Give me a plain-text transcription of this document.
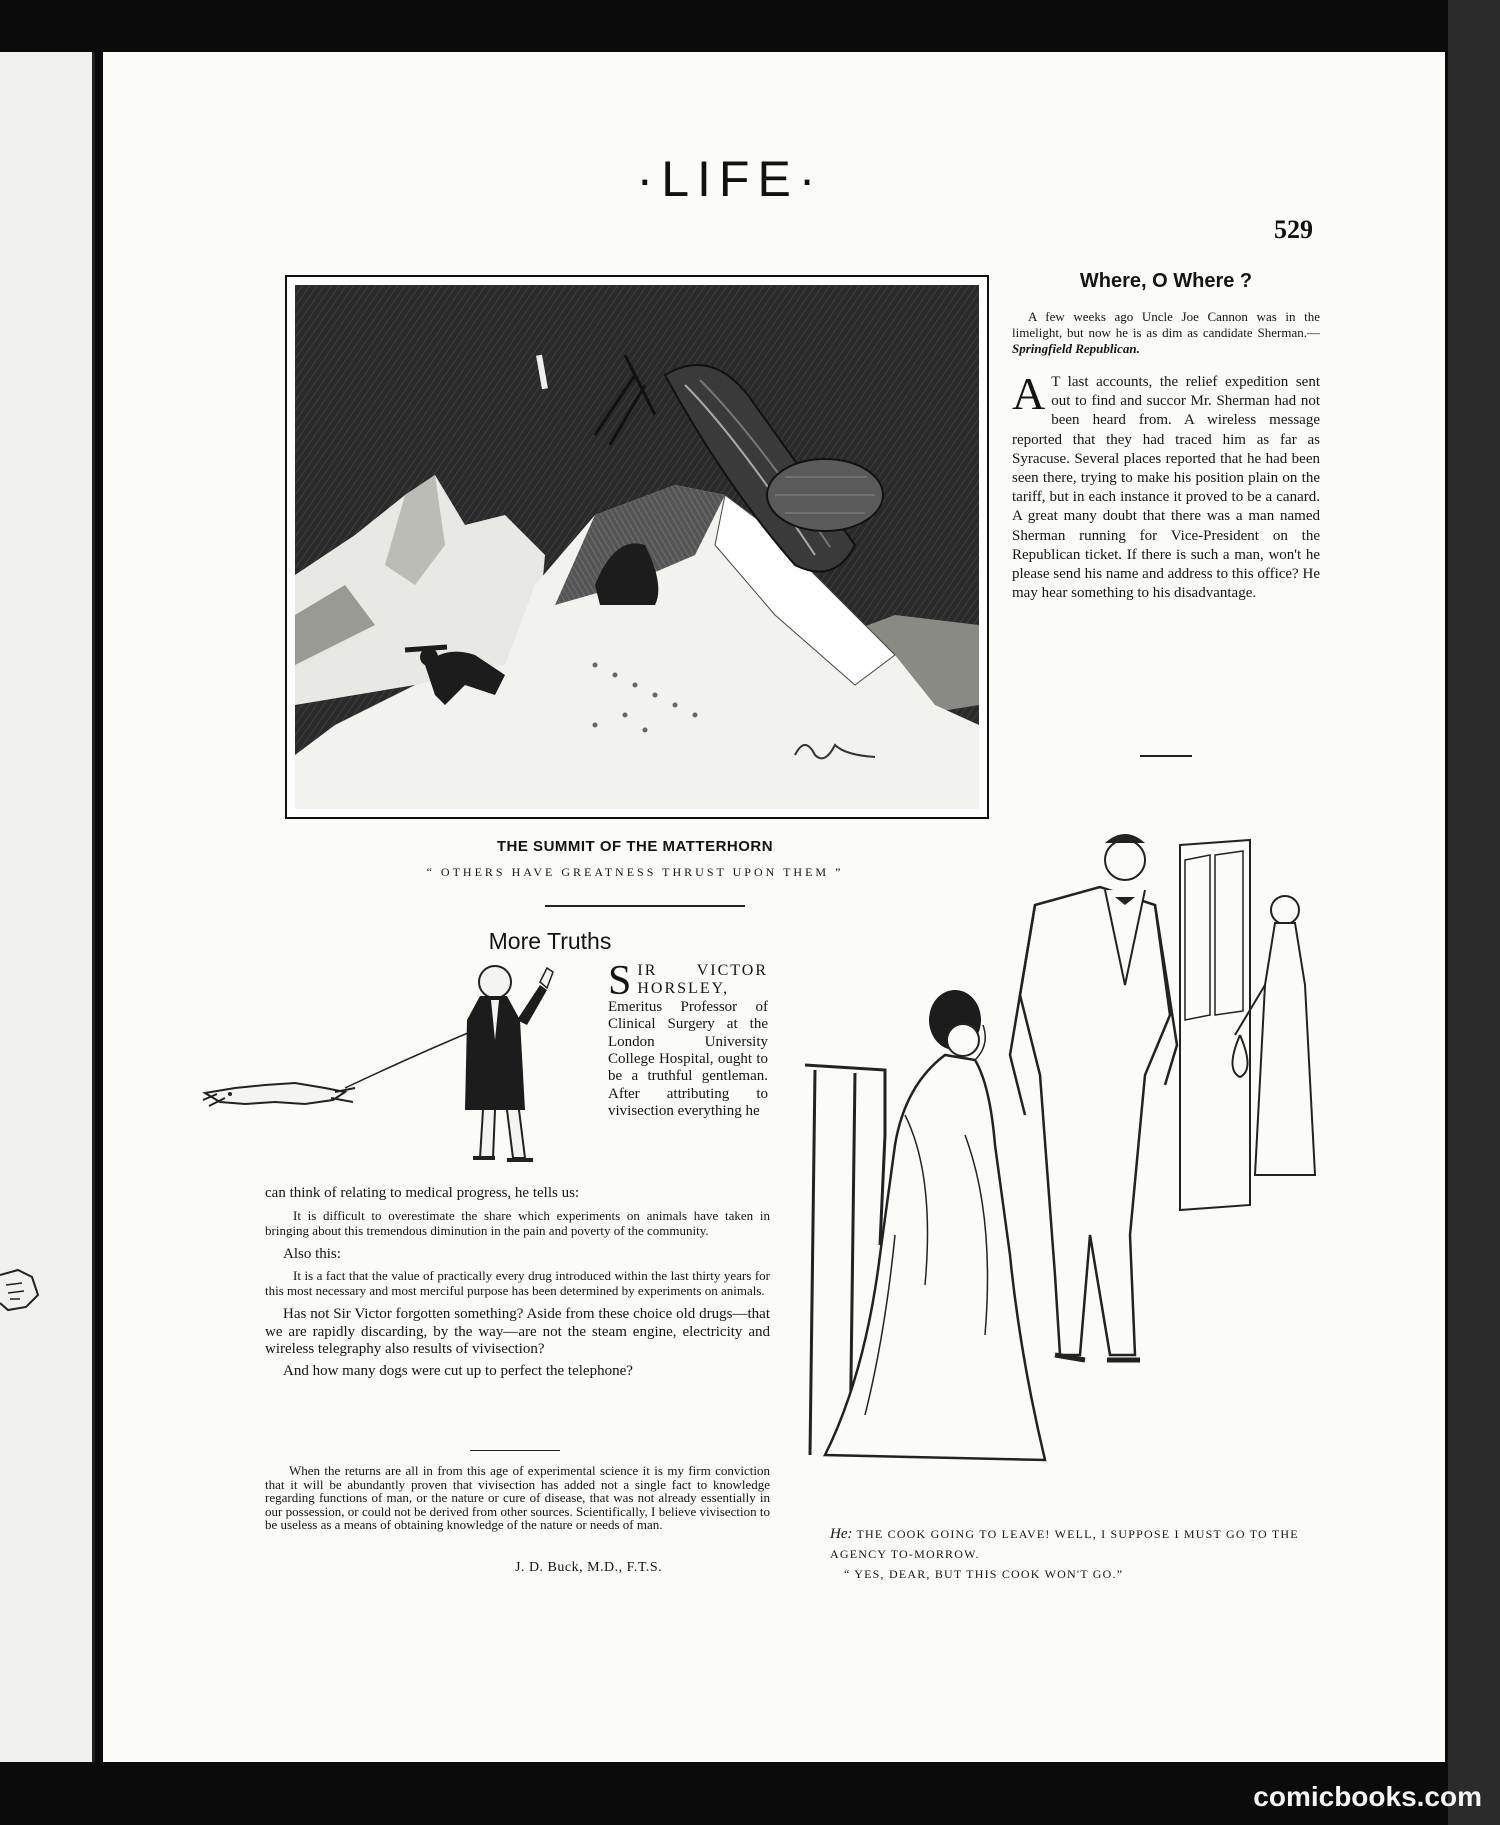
·LIFE·
529
THE SUMMIT OF THE MATTERHORN
“ OTHERS HAVE GREATNESS THRUST UPON THEM ”
Where, O Where ?
A few weeks ago Uncle Joe Cannon was in the limelight, but now he is as dim as candidate Sherman.—Springfield Republican.
A T last accounts, the relief expedition sent out to find and succor Mr. Sherman had not been heard from. A wireless message reported that they had traced him as far as Syracuse. Several places reported that he had been seen there, trying to make his position plain on the tariff, but in each instance it proved to be a canard. A great many doubt that there was a man named Sherman running for Vice-President on the Republican ticket. If there is such a man, won't he please send his name and address to this office? He may hear something to his disadvantage.
More Truths
SIR VICTOR HORSLEY, Emeritus Professor of Clinical Surgery at the London University College Hospital, ought to be a truthful gentleman. After attributing to vivisection everything he
can think of relating to medical progress, he tells us:
It is difficult to overestimate the share which experiments on animals have taken in bringing about this tremendous diminution in the pain and poverty of the community.
Also this:
It is a fact that the value of practically every drug introduced within the last thirty years for this most necessary and most merciful purpose has been determined by experiments on animals.
Has not Sir Victor forgotten something? Aside from these choice old drugs—that we are rapidly discarding, by the way—are not the steam engine, electricity and wireless telegraphy also results of vivisection?
And how many dogs were cut up to perfect the telephone?
When the returns are all in from this age of experimental science it is my firm conviction that it will be abundantly proven that vivisection has added not a single fact to knowledge regarding functions of man, or the nature or cure of disease, that was not already essentially in our possession, or could not be derived from other sources. Scientifically, I believe vivisection to be useless as a means of obtaining knowledge of the nature or needs of man.
J. D. Buck, M.D., F.T.S.
He: THE COOK GOING TO LEAVE! WELL, I SUPPOSE I MUST GO TO THE AGENCY TO-MORROW.
“ YES, DEAR, BUT THIS COOK WON'T GO.”
comicbooks.com
